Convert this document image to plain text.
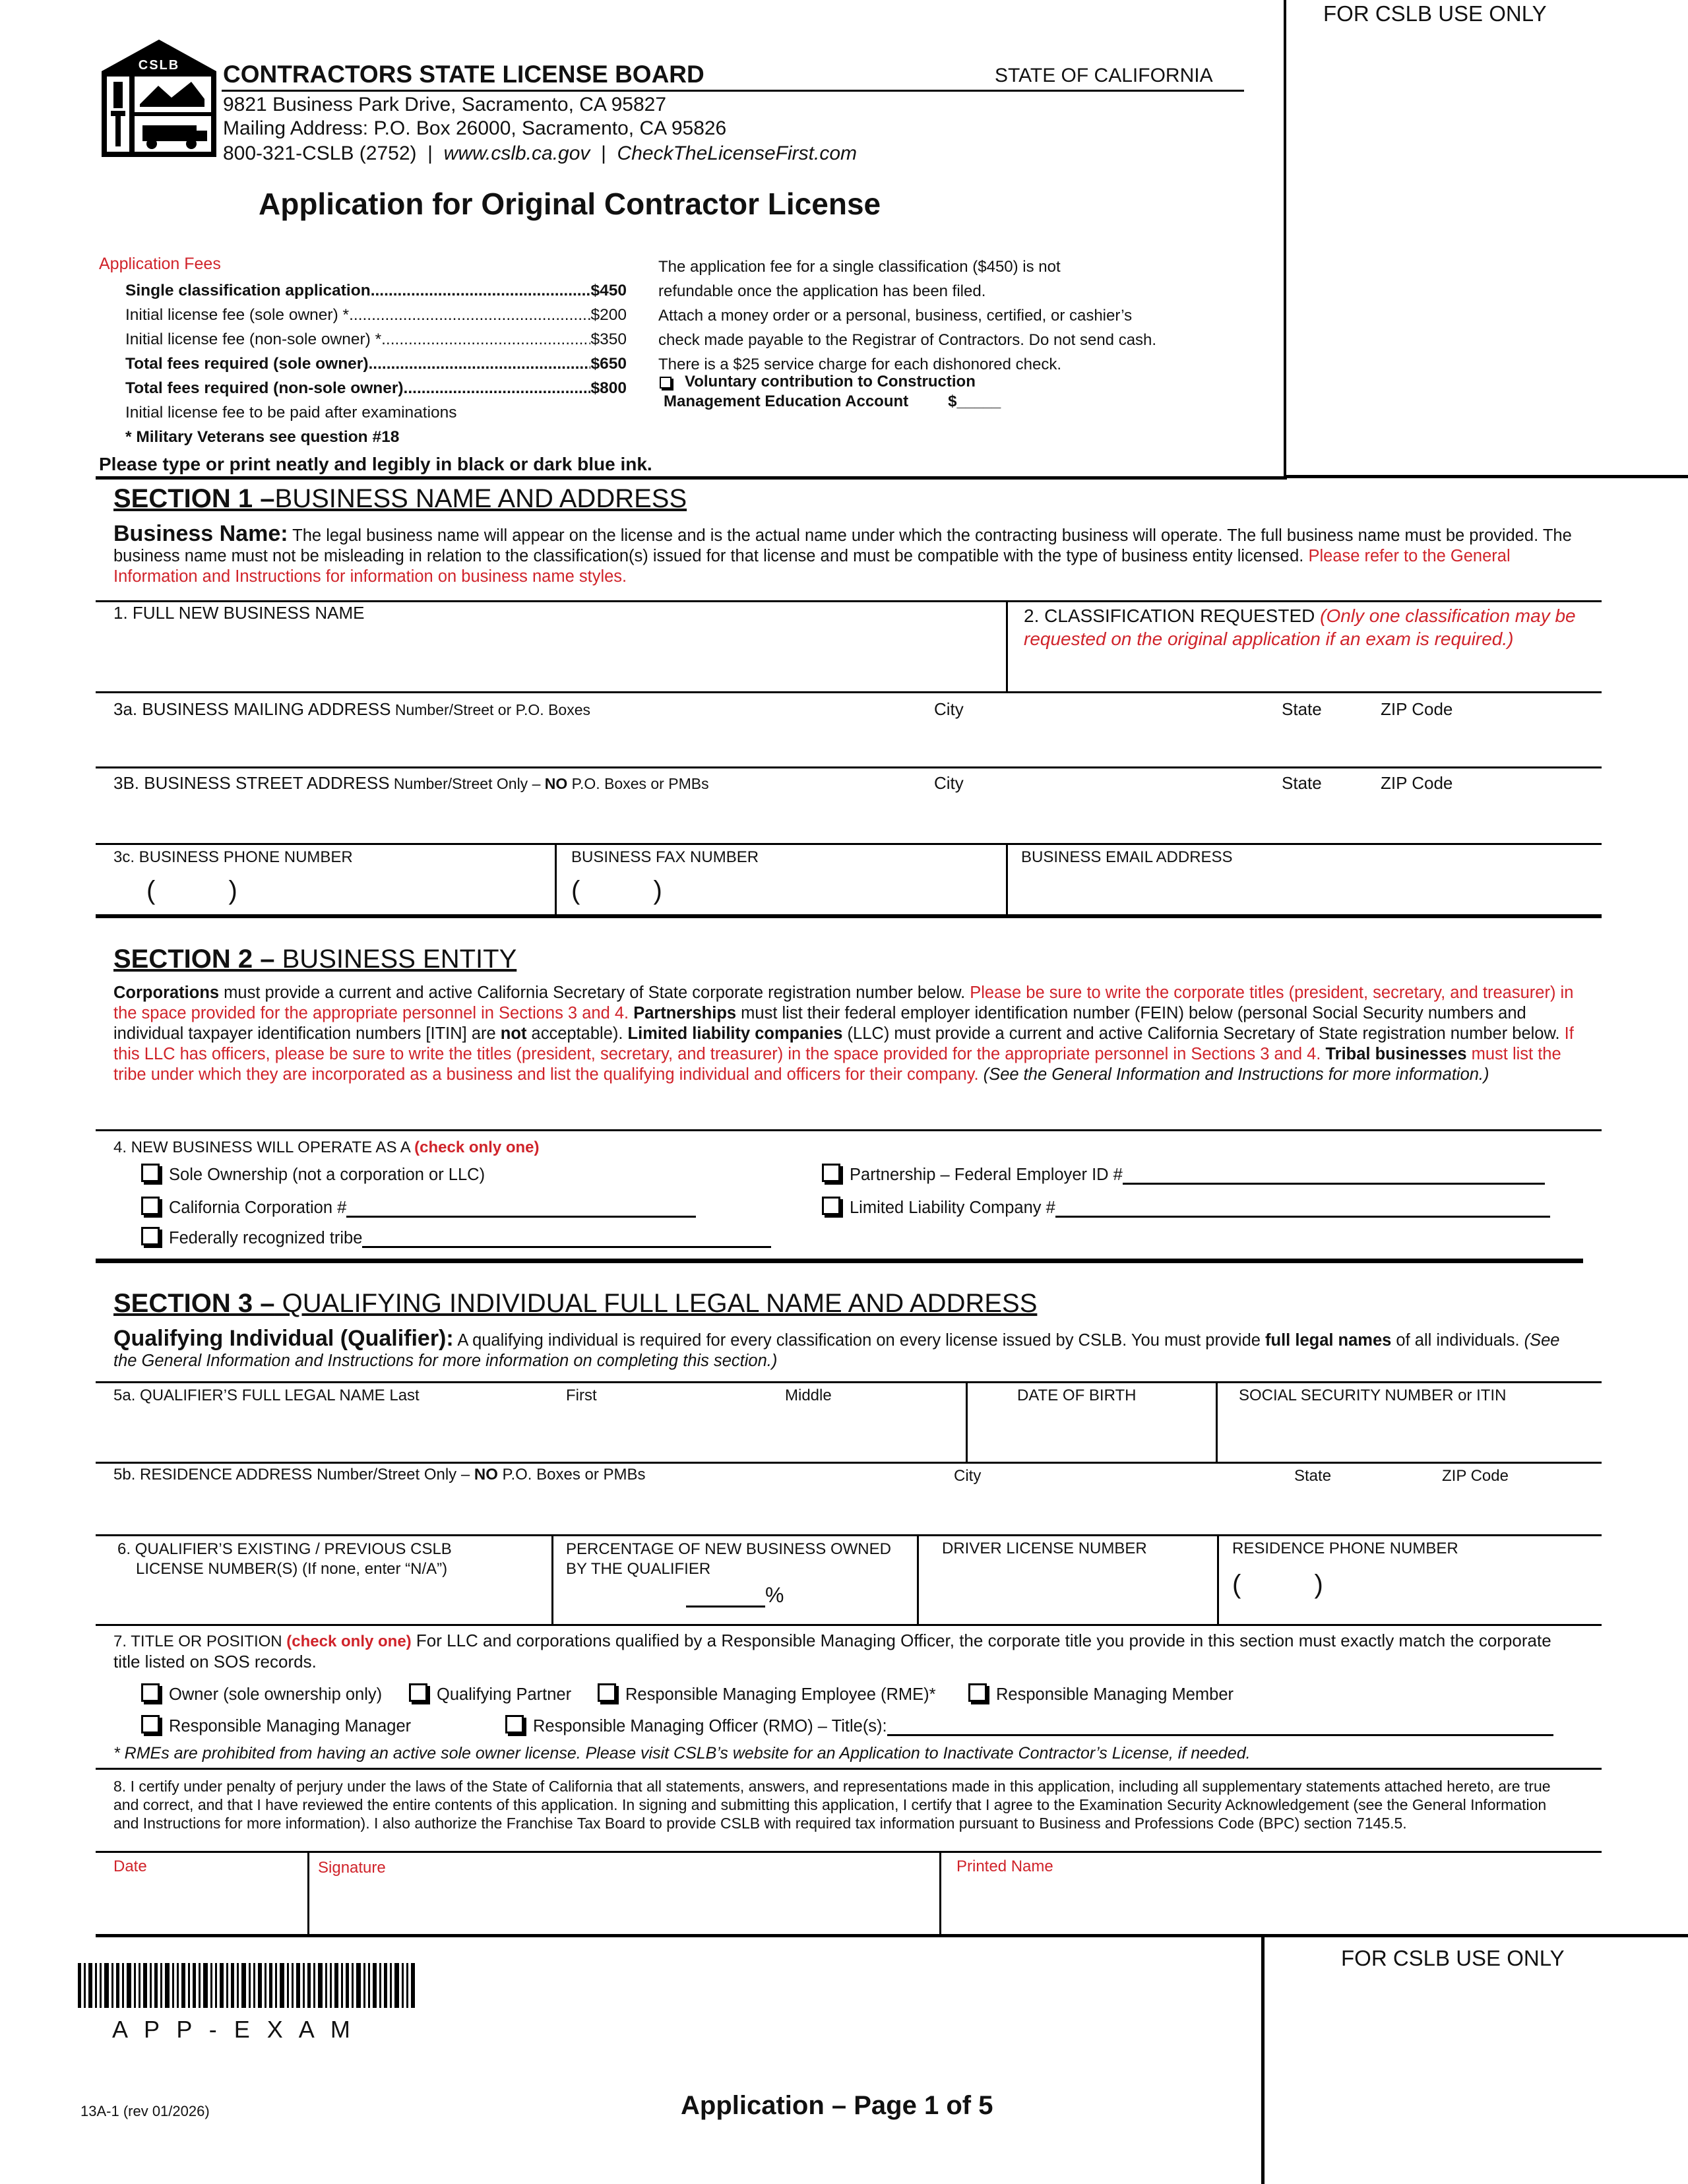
FOR CSLB USE ONLY
CSLB	CONTRACTORS STATE LICENSE BOARD	STATE OF CALIFORNIA
9821 Business Park Drive, Sacramento, CA 95827
Mailing Address: P.O. Box 26000, Sacramento, CA 95826
800-321-CSLB (2752)  |  www.cslb.ca.gov  |  CheckTheLicenseFirst.com
Application for Original Contractor License
Application Fees
Single classification application .....	$450
Initial license fee (sole owner) * .....	$200
Initial license fee (non-sole owner) * .....	$350
Total fees required (sole owner) .....	$650
Total fees required (non-sole owner) .....	$800
Initial license fee to be paid after examinations
* Military Veterans see question #18
The application fee for a single classification ($450) is not
refundable once the application has been filed.
Attach a money order or a personal, business, certified, or cashier’s
check made payable to the Registrar of Contractors. Do not send cash.
There is a $25 service charge for each dishonored check.
Voluntary contribution to Construction
Management Education Account	$_____
Please type or print neatly and legibly in black or dark blue ink.
SECTION 1 –BUSINESS NAME AND ADDRESS
Business Name: The legal business name will appear on the license and is the actual name under which the contracting business will operate. The full business name must be provided. The business name must not be misleading in relation to the classification(s) issued for that license and must be compatible with the type of business entity licensed. Please refer to the General Information and Instructions for information on business name styles.
1. FULL NEW BUSINESS NAME	2. CLASSIFICATION REQUESTED (Only one classification may be requested on the original application if an exam is required.)
3a. BUSINESS MAILING ADDRESS Number/Street or P.O. Boxes	City	State	ZIP Code
3B. BUSINESS STREET ADDRESS Number/Street Only – NO P.O. Boxes or PMBs	City	State	ZIP Code
3c. BUSINESS PHONE NUMBER
(          )
BUSINESS FAX NUMBER
(          )
BUSINESS EMAIL ADDRESS
SECTION 2 – BUSINESS ENTITY
Corporations must provide a current and active California Secretary of State corporate registration number below. Please be sure to write the corporate titles (president, secretary, and treasurer) in the space provided for the appropriate personnel in Sections 3 and 4. Partnerships must list their federal employer identification number (FEIN) below (personal Social Security numbers and individual taxpayer identification numbers [ITIN] are not acceptable). Limited liability companies (LLC) must provide a current and active California Secretary of State registration number below. If this LLC has officers, please be sure to write the titles (president, secretary, and treasurer) in the space provided for the appropriate personnel in Sections 3 and 4. Tribal businesses must list the tribe under which they are incorporated as a business and list the qualifying individual and officers for their company. (See the General Information and Instructions for more information.)
4. NEW BUSINESS WILL OPERATE AS A (check only one)
Sole Ownership (not a corporation or LLC)
California Corporation #
Federally recognized tribe
Partnership – Federal Employer ID #
Limited Liability Company #
SECTION 3 – QUALIFYING INDIVIDUAL FULL LEGAL NAME AND ADDRESS
Qualifying Individual (Qualifier): A qualifying individual is required for every classification on every license issued by CSLB. You must provide full legal names of all individuals. (See the General Information and Instructions for more information on completing this section.)
5a. QUALIFIER’S FULL LEGAL NAME Last	First	Middle	DATE OF BIRTH	SOCIAL SECURITY NUMBER or ITIN
5b. RESIDENCE ADDRESS Number/Street Only – NO P.O. Boxes or PMBs	City	State	ZIP Code
6. QUALIFIER’S EXISTING / PREVIOUS CSLB
LICENSE NUMBER(S) (If none, enter “N/A”)
PERCENTAGE OF NEW BUSINESS OWNED
BY THE QUALIFIER
%
DRIVER LICENSE NUMBER	RESIDENCE PHONE NUMBER
(          )
7. TITLE OR POSITION (check only one) For LLC and corporations qualified by a Responsible Managing Officer, the corporate title you provide in this section must exactly match the corporate title listed on SOS records.
Owner (sole ownership only)	Qualifying Partner	Responsible Managing Employee (RME)*	Responsible Managing Member
Responsible Managing Manager	Responsible Managing Officer (RMO) – Title(s):
* RMEs are prohibited from having an active sole owner license. Please visit CSLB’s website for an Application to Inactivate Contractor’s License, if needed.
8. I certify under penalty of perjury under the laws of the State of California that all statements, answers, and representations made in this application, including all supplementary statements attached hereto, are true and correct, and that I have reviewed the entire contents of this application. In signing and submitting this application, I certify that I agree to the Examination Security Acknowledgement (see the General Information and Instructions for more information). I also authorize the Franchise Tax Board to provide CSLB with required tax information pursuant to Business and Professions Code (BPC) section 7145.5.
Date	Signature	Printed Name
FOR CSLB USE ONLY
A P P - E X A M
13A-1 (rev 01/2026)	Application – Page 1 of 5
